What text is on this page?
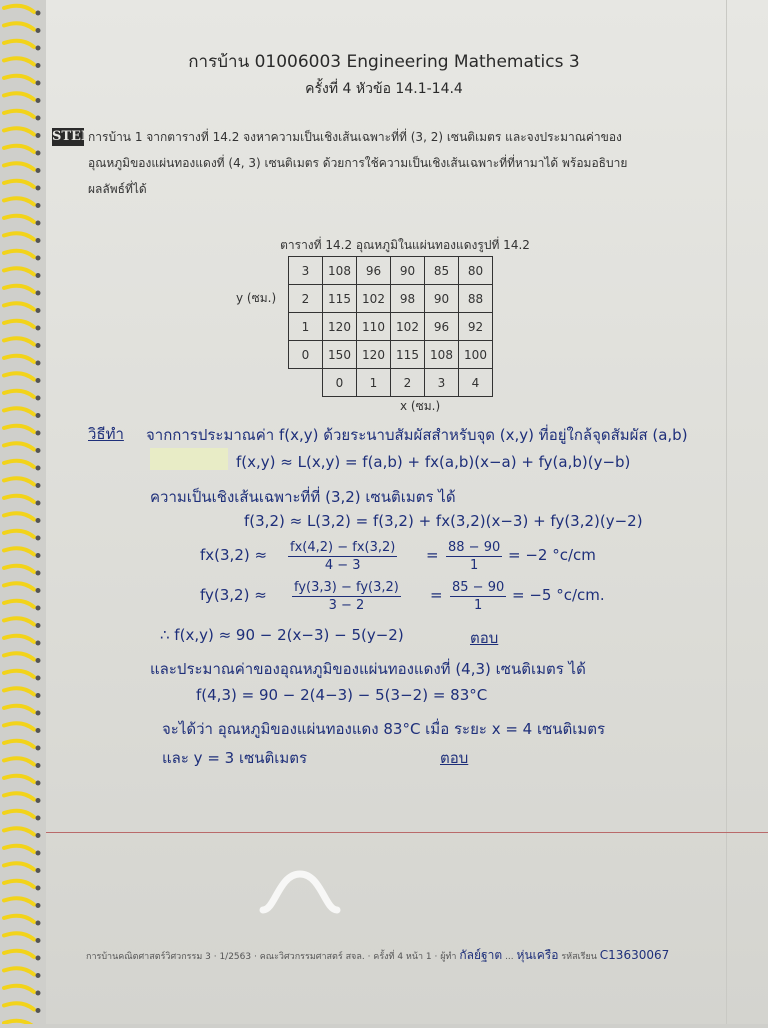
การบ้าน 01006003 Engineering Mathematics 3
ครั้งที่ 4 หัวข้อ 14.1-14.4
STEM
การบ้าน 1 จากตารางที่ 14.2 จงหาความเป็นเชิงเส้นเฉพาะที่ที่ (3, 2) เซนติเมตร และจงประมาณค่าของ
อุณหภูมิของแผ่นทองแดงที่ (4, 3) เซนติเมตร ด้วยการใช้ความเป็นเชิงเส้นเฉพาะที่ที่หามาได้ พร้อมอธิบาย
ผลลัพธ์ที่ได้
ตารางที่ 14.2 อุณหภูมิในแผ่นทองแดงรูปที่ 14.2
y (ซม.)
3	108	96	90	85	80
2	115	102	98	90	88
1	120	110	102	96	92
0	150	120	115	108	100
	0	1	2	3	4
x (ซม.)
วิธีทำ จากการประมาณค่า f(x,y) ด้วยระนาบสัมผัสสำหรับจุด (x,y) ที่อยู่ใกล้จุดสัมผัส (a,b)
f(x,y) ≈ L(x,y) = f(a,b) + fx(a,b)(x−a) + fy(a,b)(y−b)
ความเป็นเชิงเส้นเฉพาะที่ที่ (3,2) เซนติเมตร ได้
f(3,2) ≈ L(3,2) = f(3,2) + fx(3,2)(x−3) + fy(3,2)(y−2)
$fx(3,2) \approx \frac{fx(4,2) - fx(3,2)}{4 - 3} = \frac{88 - 90}{1} = -2$ °c/cm
$fy(3,2) \approx \frac{fy(3,3) - fy(3,2)}{3 - 2} = \frac{85 - 90}{1} = -5$ °c/cm.
∴ f(x,y) ≈ 90 − 2(x−3) − 5(y−2)	ตอบ
และประมาณค่าของอุณหภูมิของแผ่นทองแดงที่ (4,3) เซนติเมตร ได้
f(4,3) = 90 − 2(4−3) − 5(3−2) = 83°C
จะได้ว่า อุณหภูมิของแผ่นทองแดง 83°C เมื่อ ระยะ x = 4 เซนติเมตร
และ y = 3 เซนติเมตร	ตอบ
การบ้านคณิตศาสตร์วิศวกรรม 3 · 1/2563 · คณะวิศวกรรมศาสตร์ สจล. · ครั้งที่ 4 หน้า 1 · ผู้ทำ กัลย์ฐาต ... หุ่นเครือ รหัสเรียน C13630067
